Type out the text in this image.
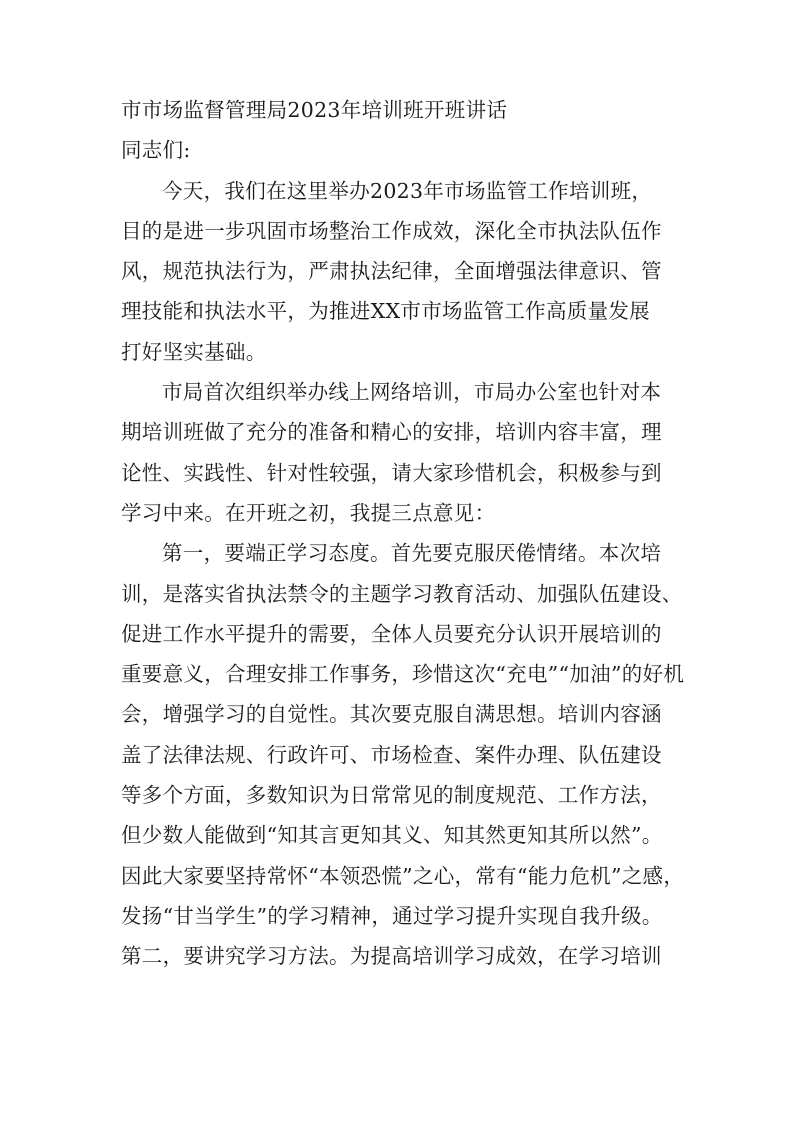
市市场监督管理局2023年培训班开班讲话
同志们:
今天，我们在这里举办2023年市场监管工作培训班，
目的是进一步巩固市场整治工作成效，深化全市执法队伍作
风，规范执法行为，严肃执法纪律，全面增强法律意识、管
理技能和执法水平，为推进XX市市场监管工作高质量发展
打好坚实基础。
市局首次组织举办线上网络培训，市局办公室也针对本
期培训班做了充分的准备和精心的安排，培训内容丰富，理
论性、实践性、针对性较强，请大家珍惜机会，积极参与到
学习中来。在开班之初，我提三点意见：
第一，要端正学习态度。首先要克服厌倦情绪。本次培
训，是落实省执法禁令的主题学习教育活动、加强队伍建设、
促进工作水平提升的需要，全体人员要充分认识开展培训的
重要意义，合理安排工作事务，珍惜这次“充电”“加油”的好机
会，增强学习的自觉性。其次要克服自满思想。培训内容涵
盖了法律法规、行政许可、市场检查、案件办理、队伍建设
等多个方面，多数知识为日常常见的制度规范、工作方法，
但少数人能做到“知其言更知其义、知其然更知其所以然”。
因此大家要坚持常怀“本领恐慌”之心，常有“能力危机”之感，
发扬“甘当学生”的学习精神，通过学习提升实现自我升级。
第二，要讲究学习方法。为提高培训学习成效，在学习培训
